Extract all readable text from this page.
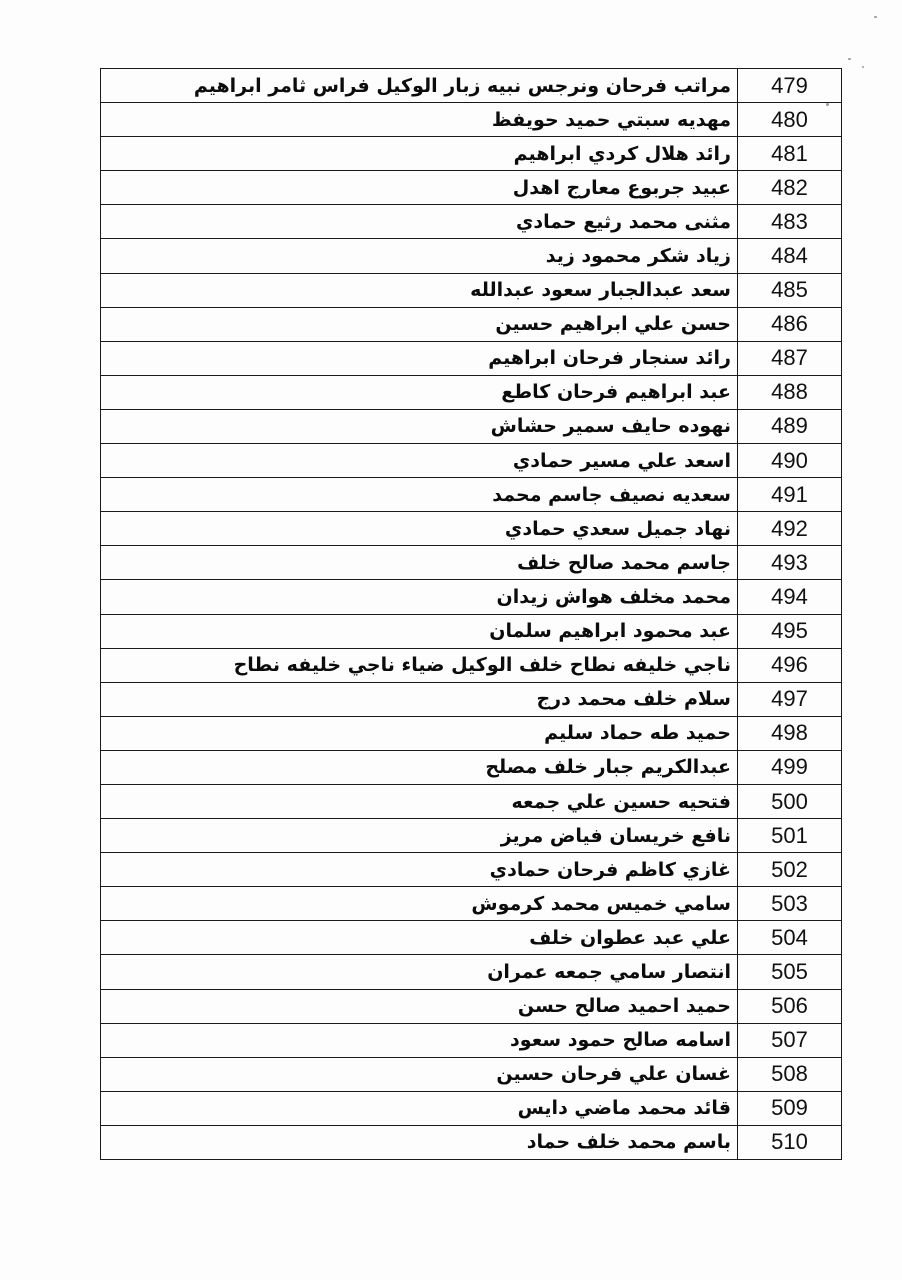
479	مراتب فرحان ونرجس نبيه زبار الوكيل فراس ثامر ابراهيم
480	مهديه سبتي حميد حويفظ
481	رائد هلال كردي ابراهيم
482	عبيد جربوع معارج اهدل
483	مثنى محمد رثيع حمادي
484	زياد شكر محمود زيد
485	سعد عبدالجبار سعود عبدالله
486	حسن علي ابراهيم حسين
487	رائد سنجار فرحان ابراهيم
488	عبد ابراهيم فرحان كاطع
489	نهوده حايف سمير حشاش
490	اسعد علي مسير حمادي
491	سعديه نصيف جاسم محمد
492	نهاد جميل سعدي حمادي
493	جاسم محمد صالح خلف
494	محمد مخلف هواش زيدان
495	عبد محمود ابراهيم سلمان
496	ناجي خليفه نطاح خلف الوكيل ضياء ناجي خليفه نطاح
497	سلام خلف محمد درج
498	حميد طه حماد سليم
499	عبدالكريم جبار خلف مصلح
500	فتحيه حسين علي جمعه
501	نافع خريسان فياض مريز
502	غازي كاظم فرحان حمادي
503	سامي خميس محمد كرموش
504	علي عبد عطوان خلف
505	انتصار سامي جمعه عمران
506	حميد احميد صالح حسن
507	اسامه صالح حمود سعود
508	غسان علي فرحان حسين
509	قائد محمد ماضي دايس
510	باسم محمد خلف حماد
